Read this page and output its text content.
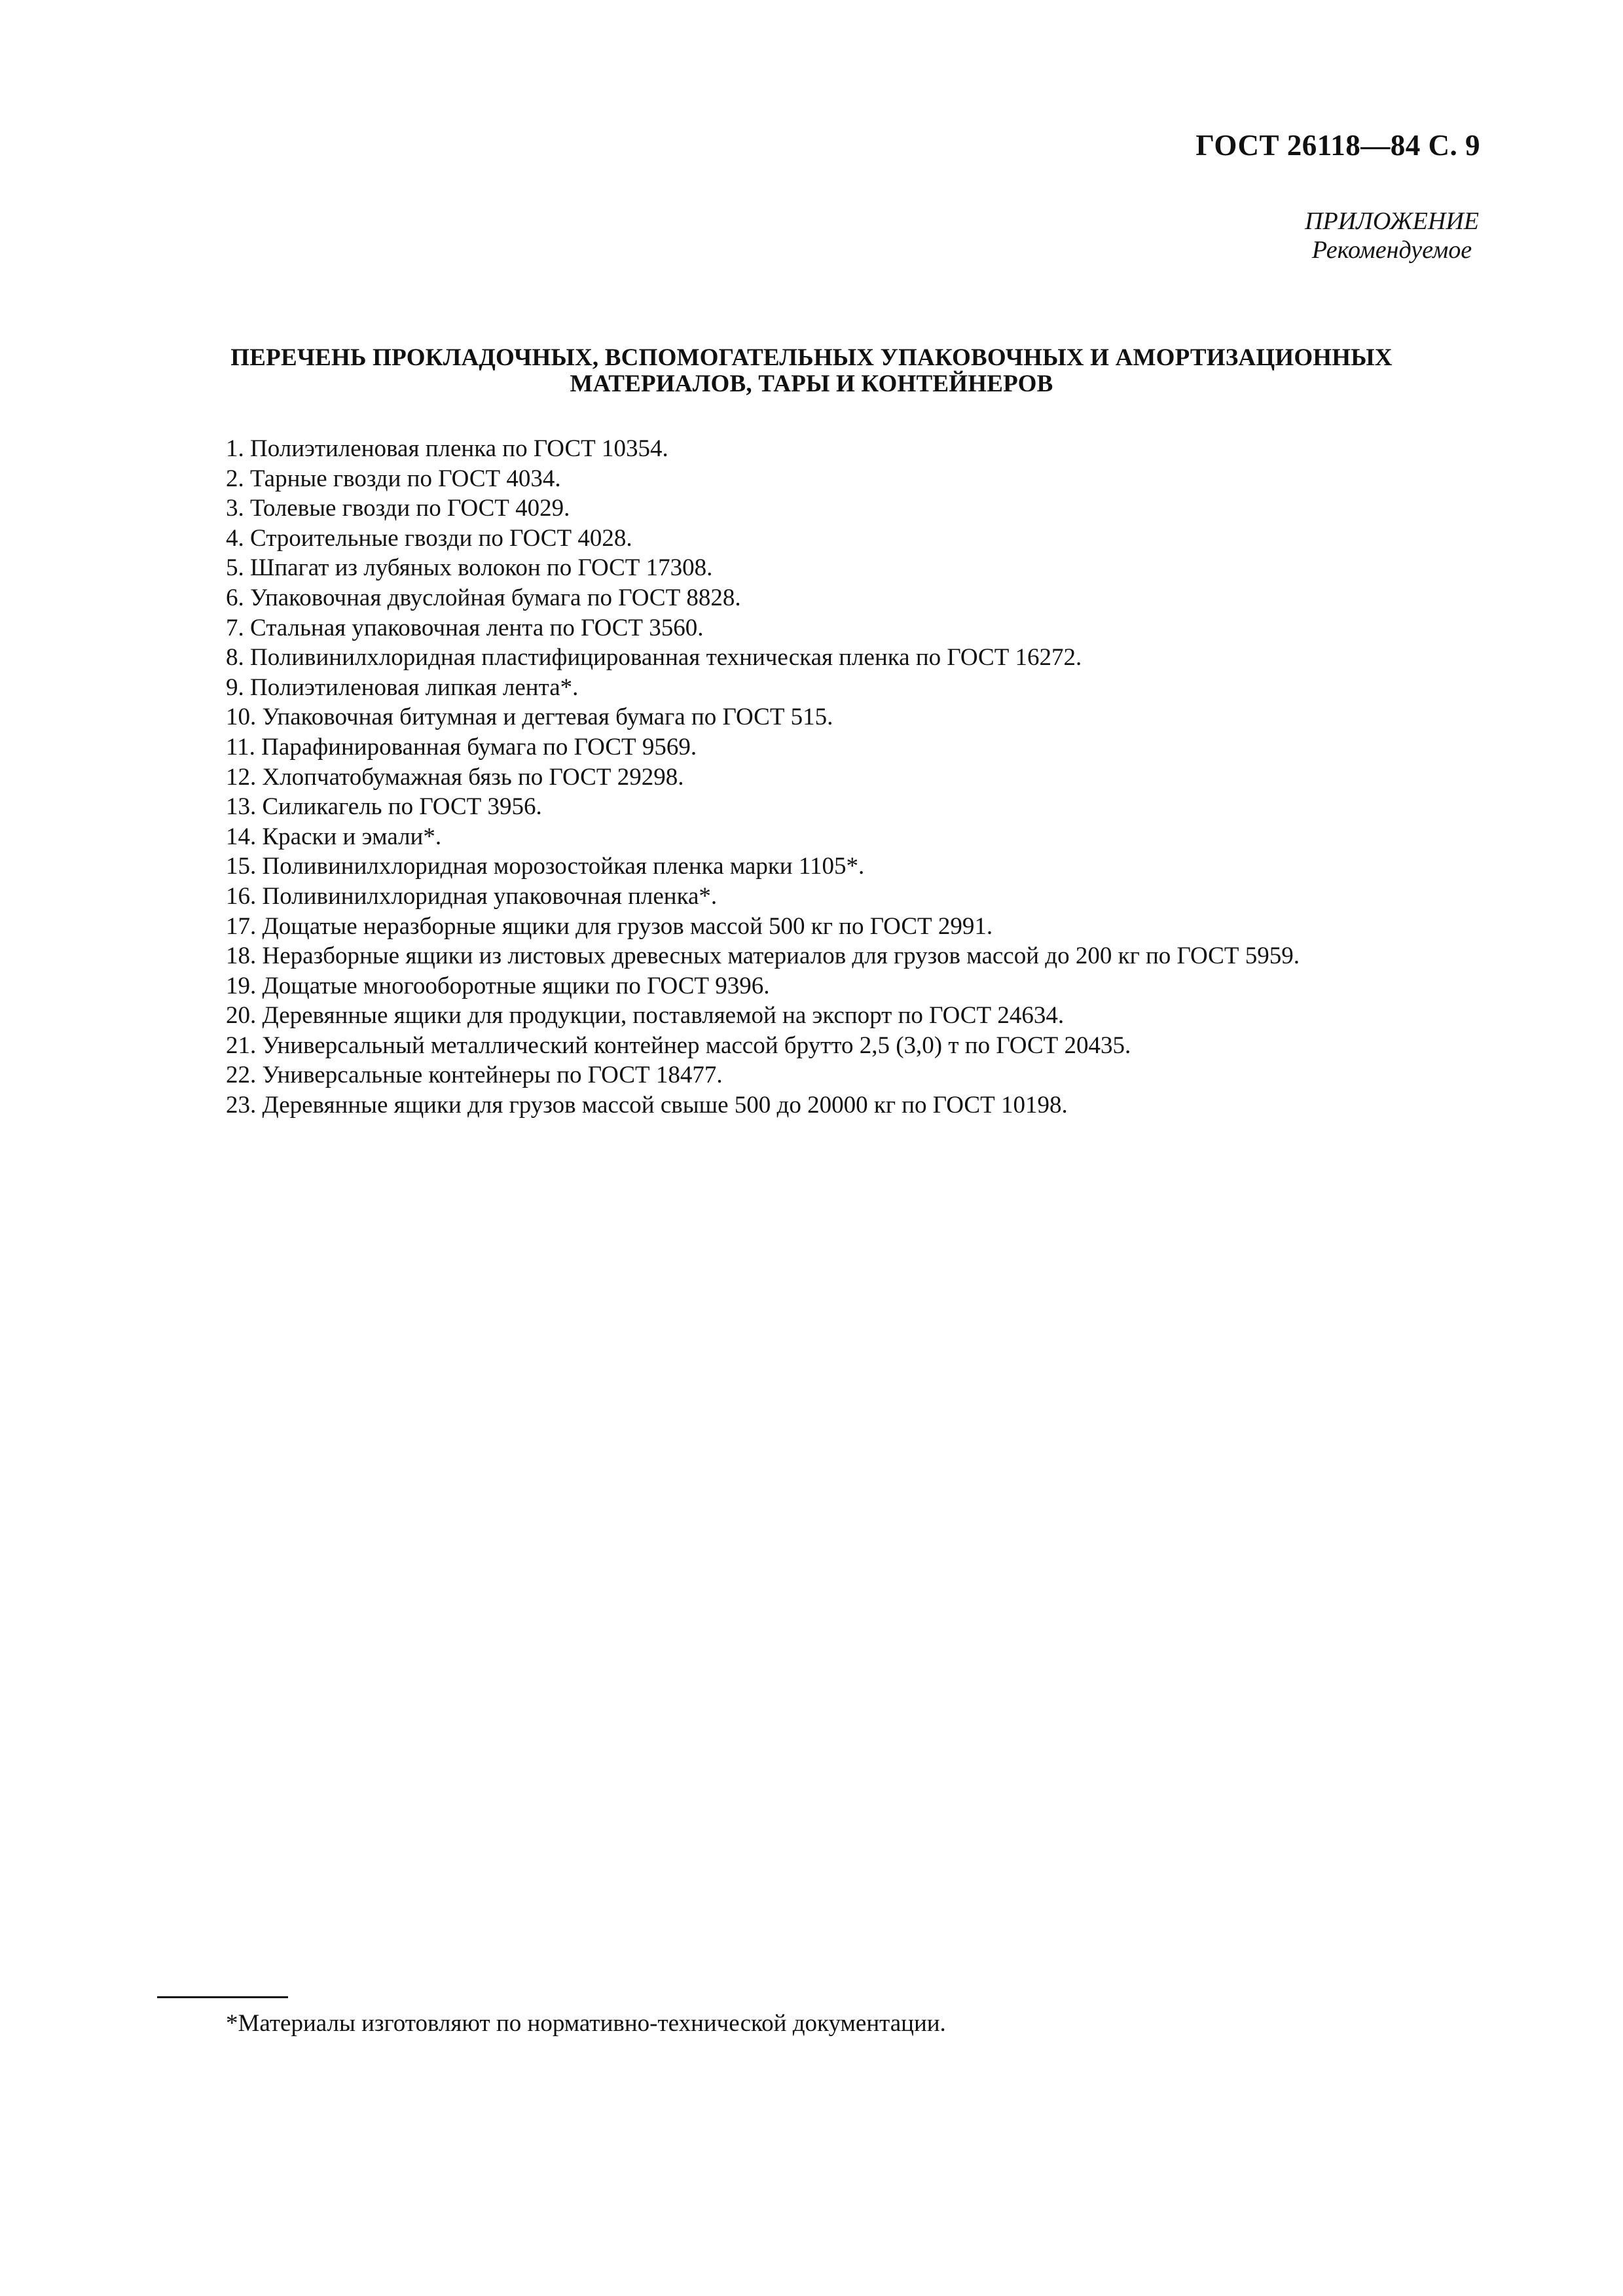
ГОСТ 26118—84 С. 9
ПРИЛОЖЕНИЕ
Рекомендуемое
ПЕРЕЧЕНЬ ПРОКЛАДОЧНЫХ, ВСПОМОГАТЕЛЬНЫХ УПАКОВОЧНЫХ И АМОРТИЗАЦИОННЫХ
МАТЕРИАЛОВ, ТАРЫ И КОНТЕЙНЕРОВ
1. Полиэтиленовая пленка по ГОСТ 10354.
2. Тарные гвозди по ГОСТ 4034.
3. Толевые гвозди по ГОСТ 4029.
4. Строительные гвозди по ГОСТ 4028.
5. Шпагат из лубяных волокон по ГОСТ 17308.
6. Упаковочная двуслойная бумага по ГОСТ 8828.
7. Стальная упаковочная лента по ГОСТ 3560.
8. Поливинилхлоридная пластифицированная техническая пленка по ГОСТ 16272.
9. Полиэтиленовая липкая лента*.
10. Упаковочная битумная и дегтевая бумага по ГОСТ 515.
11. Парафинированная бумага по ГОСТ 9569.
12. Хлопчатобумажная бязь по ГОСТ 29298.
13. Силикагель по ГОСТ 3956.
14. Краски и эмали*.
15. Поливинилхлоридная морозостойкая пленка марки 1105*.
16. Поливинилхлоридная упаковочная пленка*.
17. Дощатые неразборные ящики для грузов массой 500 кг по ГОСТ 2991.
18. Неразборные ящики из листовых древесных материалов для грузов массой до 200 кг по ГОСТ 5959.
19. Дощатые многооборотные ящики по ГОСТ 9396.
20. Деревянные ящики для продукции, поставляемой на экспорт по ГОСТ 24634.
21. Универсальный металлический контейнер массой брутто 2,5 (3,0) т по ГОСТ 20435.
22. Универсальные контейнеры по ГОСТ 18477.
23. Деревянные ящики для грузов массой свыше 500 до 20000 кг по ГОСТ 10198.
*Материалы изготовляют по нормативно-технической документации.
